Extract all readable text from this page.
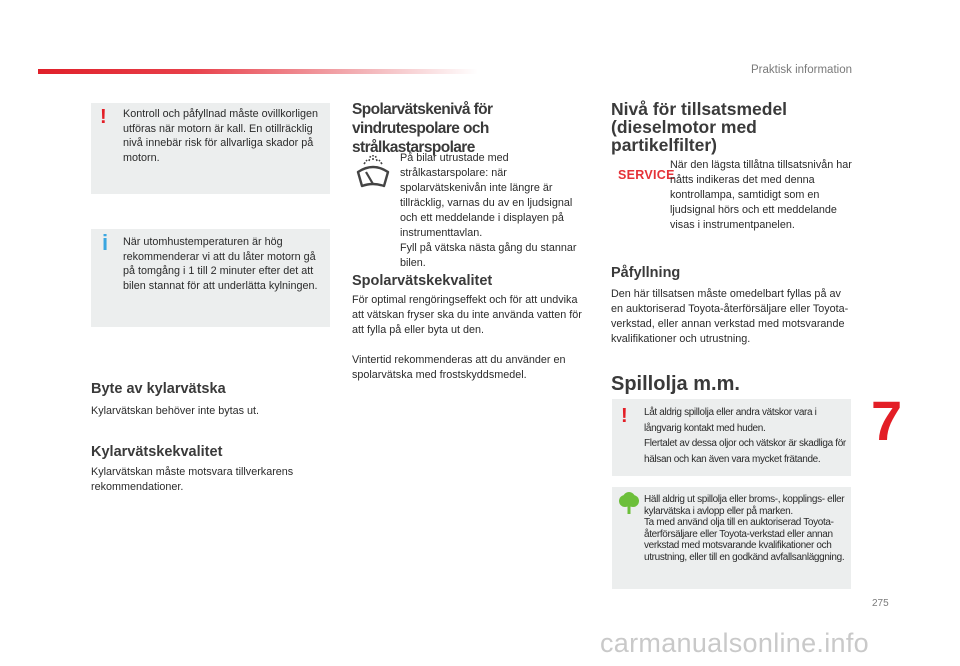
Praktisk information
! Kontroll och påfyllnad måste ovillkorligen utföras när motorn är kall. En otillräcklig nivå innebär risk för allvarliga skador på motorn.
i När utomhustemperaturen är hög rekommenderar vi att du låter motorn gå på tomgång i 1 till 2 minuter efter det att bilen stannat för att underlätta kylningen.
Byte av kylarvätska
Kylarvätskan behöver inte bytas ut.
Kylarvätskekvalitet
Kylarvätskan måste motsvara tillverkarens rekommendationer.
Spolarvätskenivå för vindrutespolare och strålkastarspolare
På bilar utrustade med strålkastarspolare: när spolarvätskenivån inte längre är tillräcklig, varnas du av en ljudsignal och ett meddelande i displayen på instrumenttavlan.
Fyll på vätska nästa gång du stannar bilen.
Spolarvätskekvalitet
För optimal rengöringseffekt och för att undvika att vätskan fryser ska du inte använda vatten för att fylla på eller byta ut den.
Vintertid rekommenderas att du använder en spolarvätska med frostskyddsmedel.
Nivå för tillsatsmedel (dieselmotor med partikelfilter)
SERVICE
När den lägsta tillåtna tillsatsnivån har nåtts indikeras det med denna kontrollampa, samtidigt som en ljudsignal hörs och ett meddelande visas i instrumentpanelen.
Påfyllning
Den här tillsatsen måste omedelbart fyllas på av en auktoriserad Toyota-återförsäljare eller Toyota-verkstad, eller annan verkstad med motsvarande kvalifikationer och utrustning.
Spillolja m.m.
! Låt aldrig spillolja eller andra vätskor vara i långvarig kontakt med huden.
Flertalet av dessa oljor och vätskor är skadliga för hälsan och kan även vara mycket frätande.
Häll aldrig ut spillolja eller broms-, kopplings- eller kylarvätska i avlopp eller på marken.
Ta med använd olja till en auktoriserad Toyota-återförsäljare eller Toyota-verkstad eller annan verkstad med motsvarande kvalifikationer och utrustning, eller till en godkänd avfallsanläggning.
7
275
carmanualsonline.info
